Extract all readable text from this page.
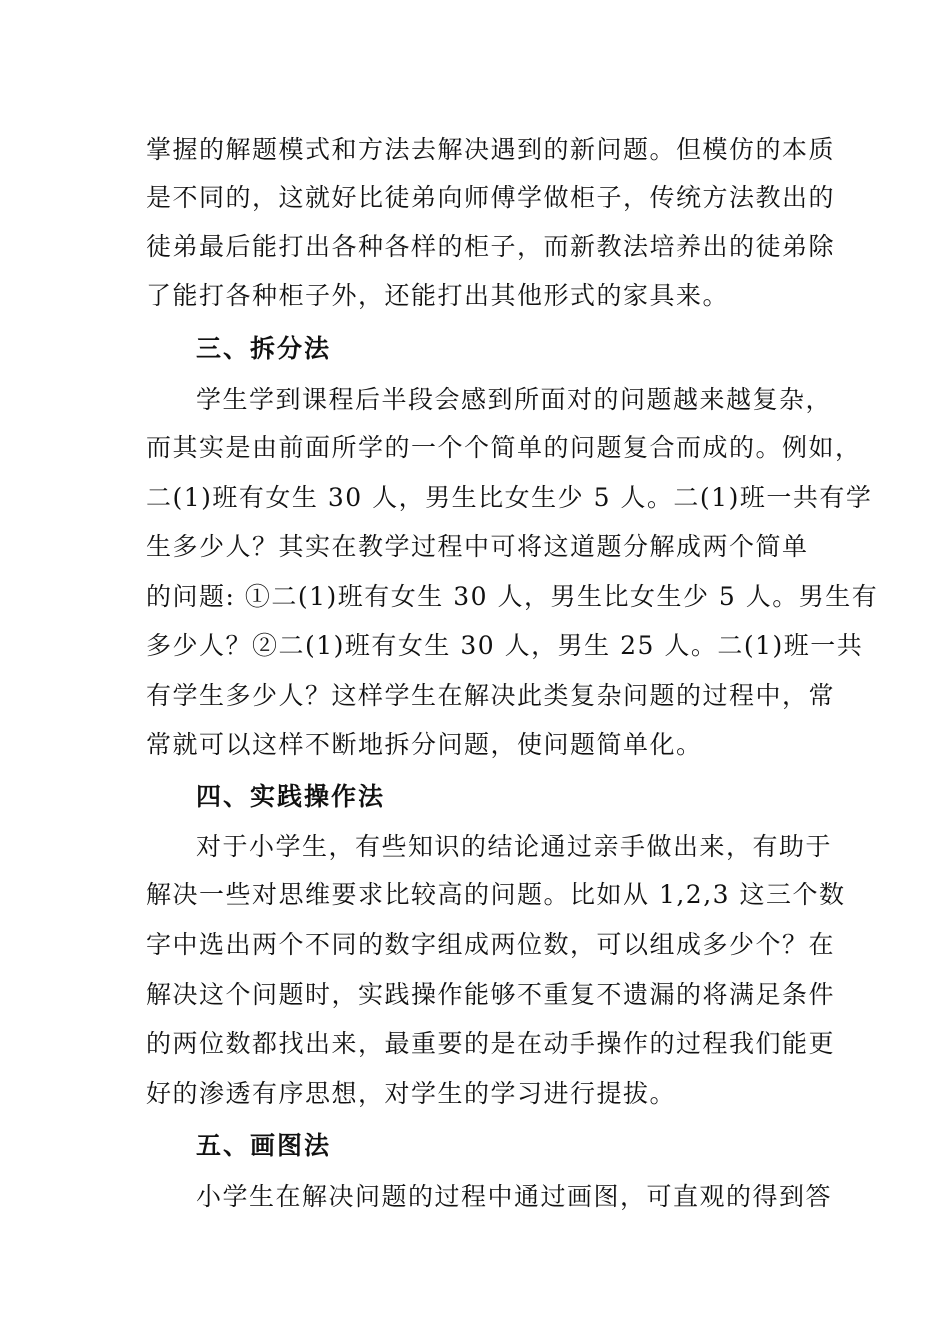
掌握的解题模式和方法去解决遇到的新问题。但模仿的本质
是不同的，这就好比徒弟向师傅学做柜子，传统方法教出的
徒弟最后能打出各种各样的柜子，而新教法培养出的徒弟除
了能打各种柜子外，还能打出其他形式的家具来。
三、拆分法
学生学到课程后半段会感到所面对的问题越来越复杂，
而其实是由前面所学的一个个简单的问题复合而成的。例如，
二(1)班有女生 30 人，男生比女生少 5 人。二(1)班一共有学
生多少人？其实在教学过程中可将这道题分解成两个简单
的问题: ①二(1)班有女生 30 人，男生比女生少 5 人。男生有
多少人？②二(1)班有女生 30 人，男生 25 人。二(1)班一共
有学生多少人？这样学生在解决此类复杂问题的过程中，常
常就可以这样不断地拆分问题，使问题简单化。
四、实践操作法
对于小学生，有些知识的结论通过亲手做出来，有助于
解决一些对思维要求比较高的问题。比如从 1,2,3 这三个数
字中选出两个不同的数字组成两位数，可以组成多少个？在
解决这个问题时，实践操作能够不重复不遗漏的将满足条件
的两位数都找出来，最重要的是在动手操作的过程我们能更
好的渗透有序思想，对学生的学习进行提拔。
五、画图法
小学生在解决问题的过程中通过画图，可直观的得到答
